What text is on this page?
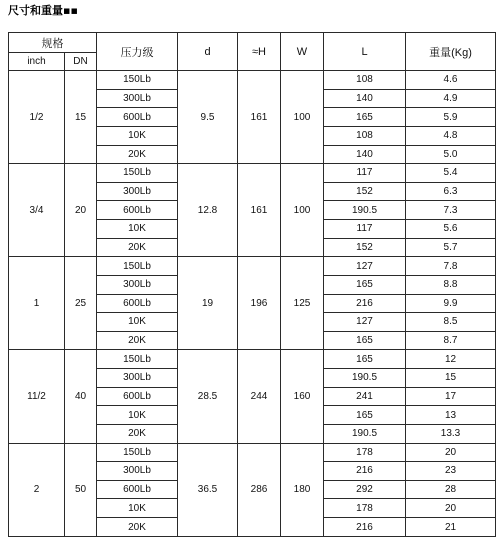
尺寸和重量▪▪
规格		压力级	d	≈H	W	L	重量(Kg)
inch	DN						
1/2	15	150Lb	9.5	161	100	108	4.6
		300Lb				140	4.9
		600Lb				165	5.9
		10K				108	4.8
		20K				140	5.0
3/4	20	150Lb	12.8	161	100	117	5.4
		300Lb				152	6.3
		600Lb				190.5	7.3
		10K				117	5.6
		20K				152	5.7
1	25	150Lb	19	196	125	127	7.8
		300Lb				165	8.8
		600Lb				216	9.9
		10K				127	8.5
		20K				165	8.7
11/2	40	150Lb	28.5	244	160	165	12
		300Lb				190.5	15
		600Lb				241	17
		10K				165	13
		20K				190.5	13.3
2	50	150Lb	36.5	286	180	178	20
		300Lb				216	23
		600Lb				292	28
		10K				178	20
		20K				216	21
